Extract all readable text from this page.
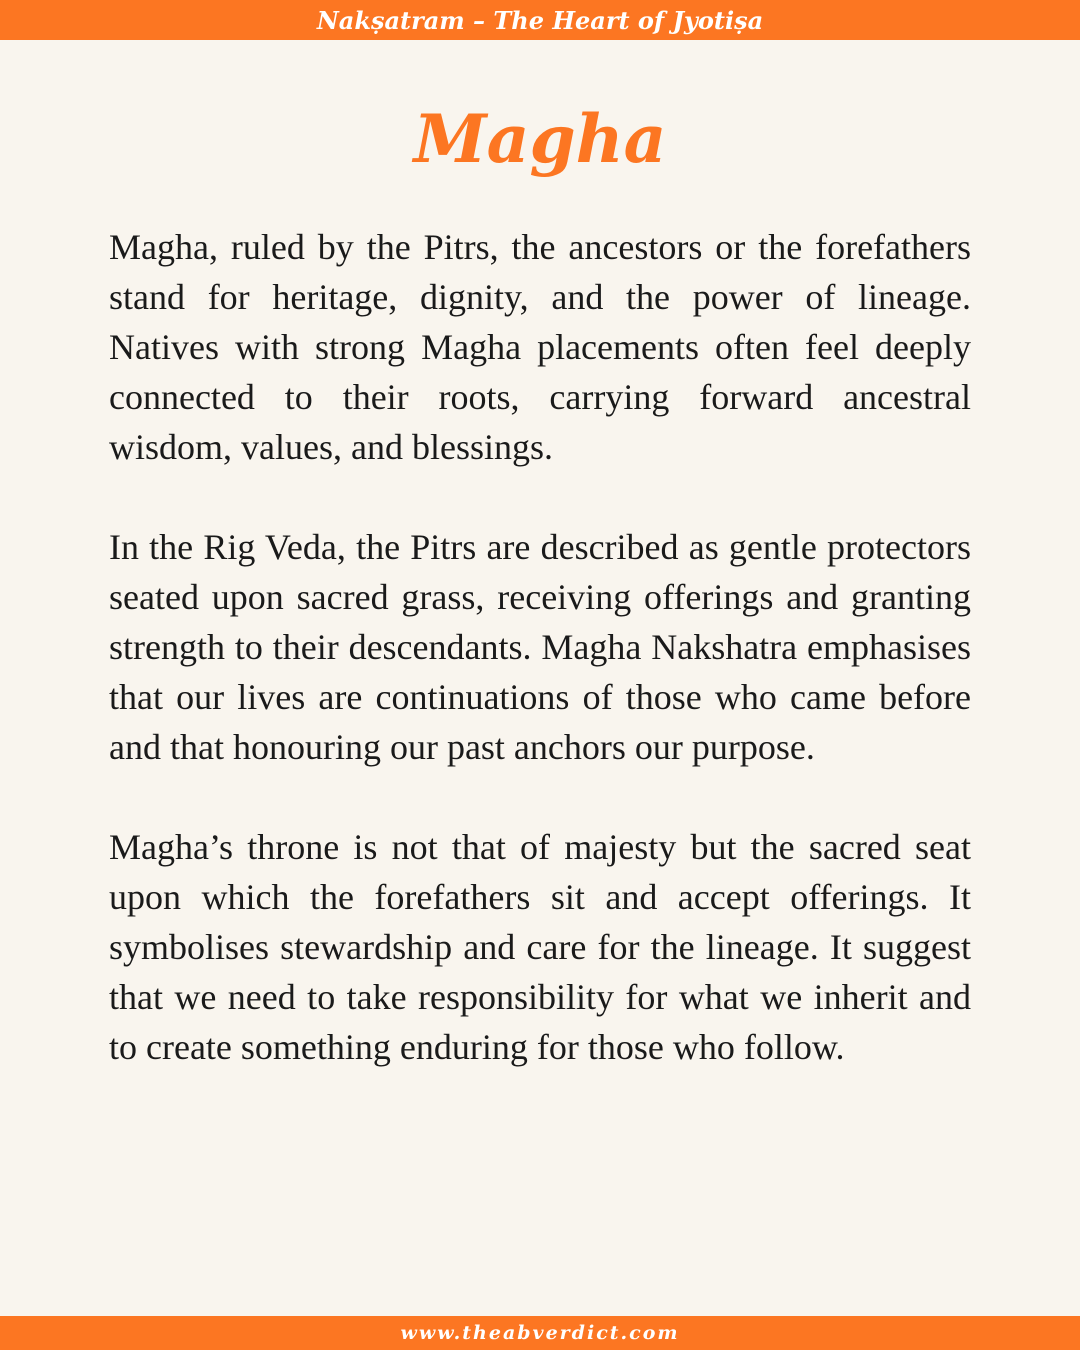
Nakṣatram – The Heart of Jyotiṣa
Magha

Magha, ruled by the Pitrs, the ancestors or the forefathers stand for heritage, dignity, and the power of lineage. Natives with strong Magha placements often feel deeply connected to their roots, carrying forward ancestral wisdom, values, and blessings.

In the Rig Veda, the Pitrs are described as gentle protectors seated upon sacred grass, receiving offerings and granting strength to their descendants. Magha Nakshatra emphasises that our lives are continuations of those who came before and that honouring our past anchors our purpose.

Magha’s throne is not that of majesty but the sacred seat upon which the forefathers sit and accept offerings. It symbolises stewardship and care for the lineage. It suggest that we need to take responsibility for what we inherit and to create something enduring for those who follow.

www.theabverdict.com
